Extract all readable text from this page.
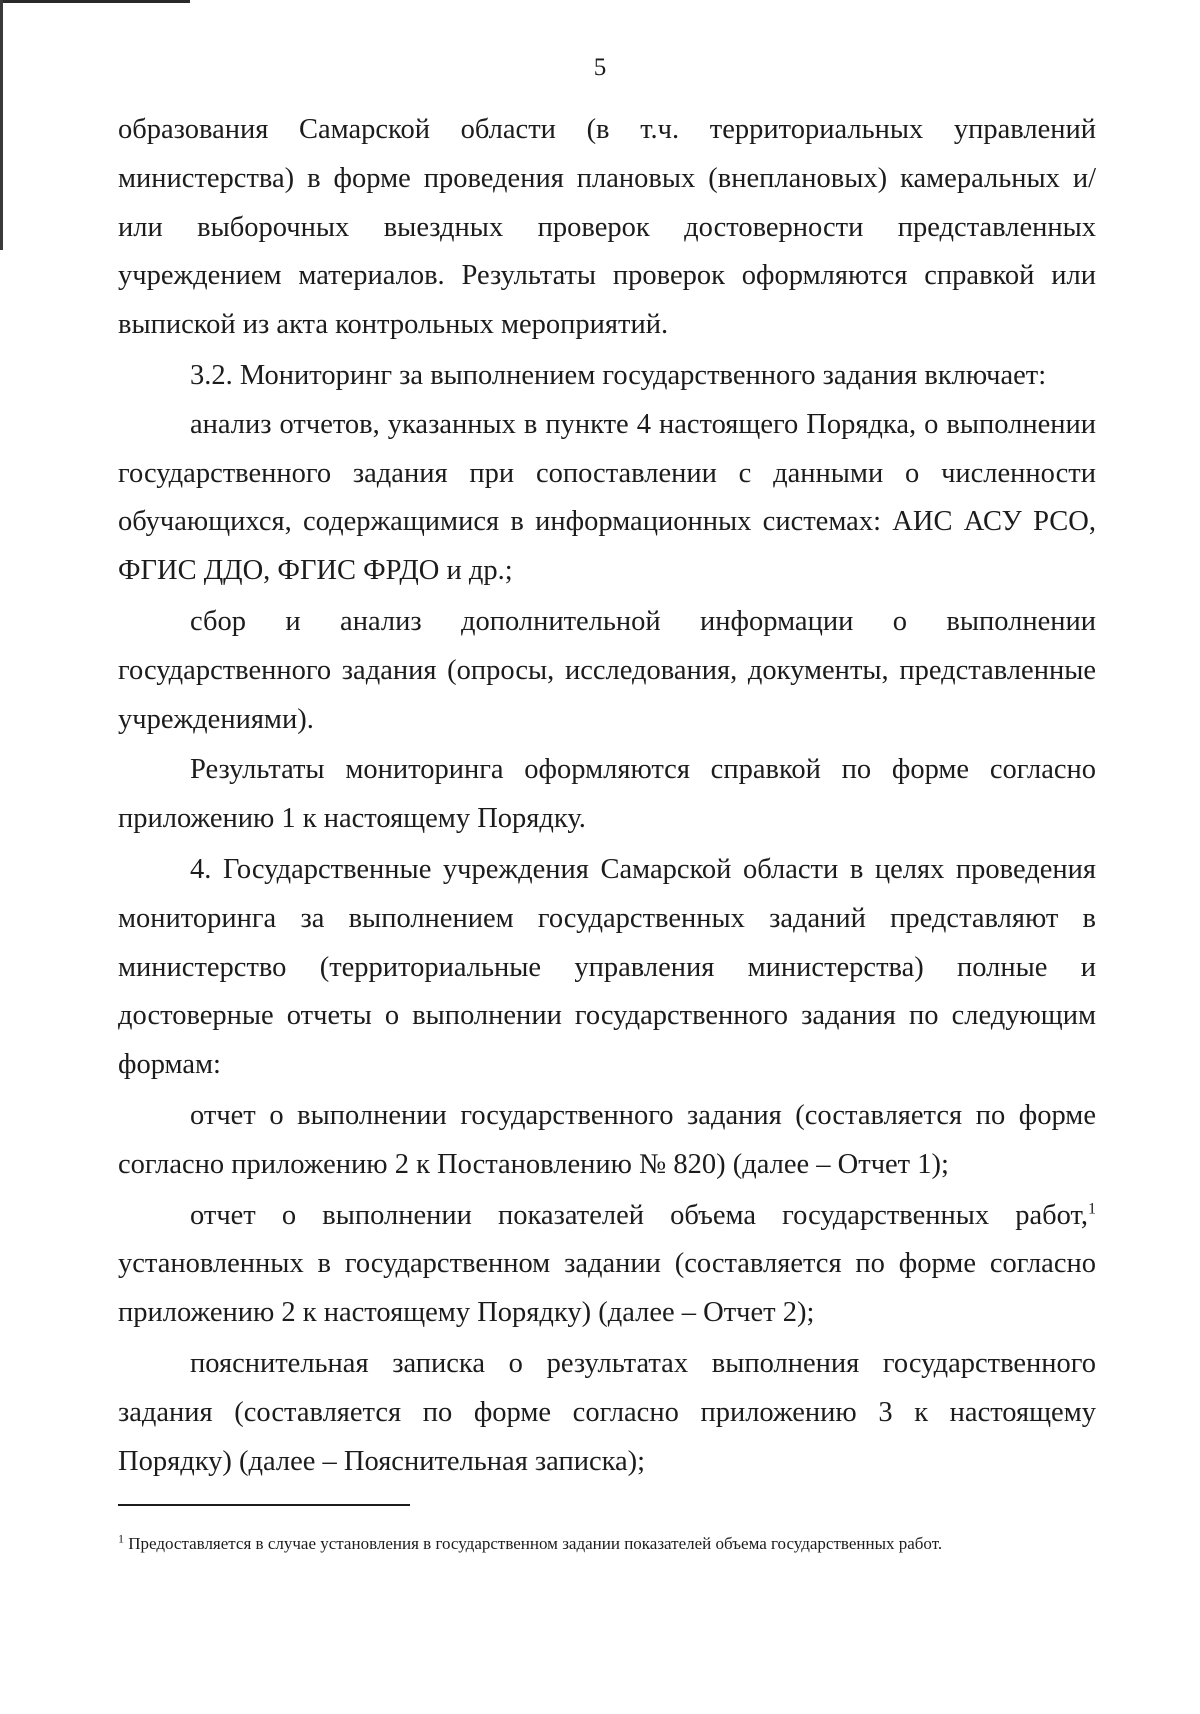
5

образования Самарской области (в т.ч. территориальных управлений министерства) в форме проведения плановых (внеплановых) камеральных и/или выборочных выездных проверок достоверности представленных учреждением материалов. Результаты проверок оформляются справкой или выпиской из акта контрольных мероприятий.

3.2. Мониторинг за выполнением государственного задания включает:

анализ отчетов, указанных в пункте 4 настоящего Порядка, о выполнении государственного задания при сопоставлении с данными о численности обучающихся, содержащимися в информационных системах: АИС АСУ РСО, ФГИС ДДО, ФГИС ФРДО и др.;

сбор и анализ дополнительной информации о выполнении государственного задания (опросы, исследования, документы, представленные учреждениями).

Результаты мониторинга оформляются справкой по форме согласно приложению 1 к настоящему Порядку.

4. Государственные учреждения Самарской области в целях проведения мониторинга за выполнением государственных заданий представляют в министерство (территориальные управления министерства) полные и достоверные отчеты о выполнении государственного задания по следующим формам:

отчет о выполнении государственного задания (составляется по форме согласно приложению 2 к Постановлению № 820) (далее – Отчет 1);

отчет о выполнении показателей объема государственных работ,$^1$ установленных в государственном задании (составляется по форме согласно приложению 2 к настоящему Порядку) (далее – Отчет 2);

пояснительная записка о результатах выполнения государственного задания (составляется по форме согласно приложению 3 к настоящему Порядку) (далее – Пояснительная записка);

$^1$ Предоставляется в случае установления в государственном задании показателей объема государственных работ.
